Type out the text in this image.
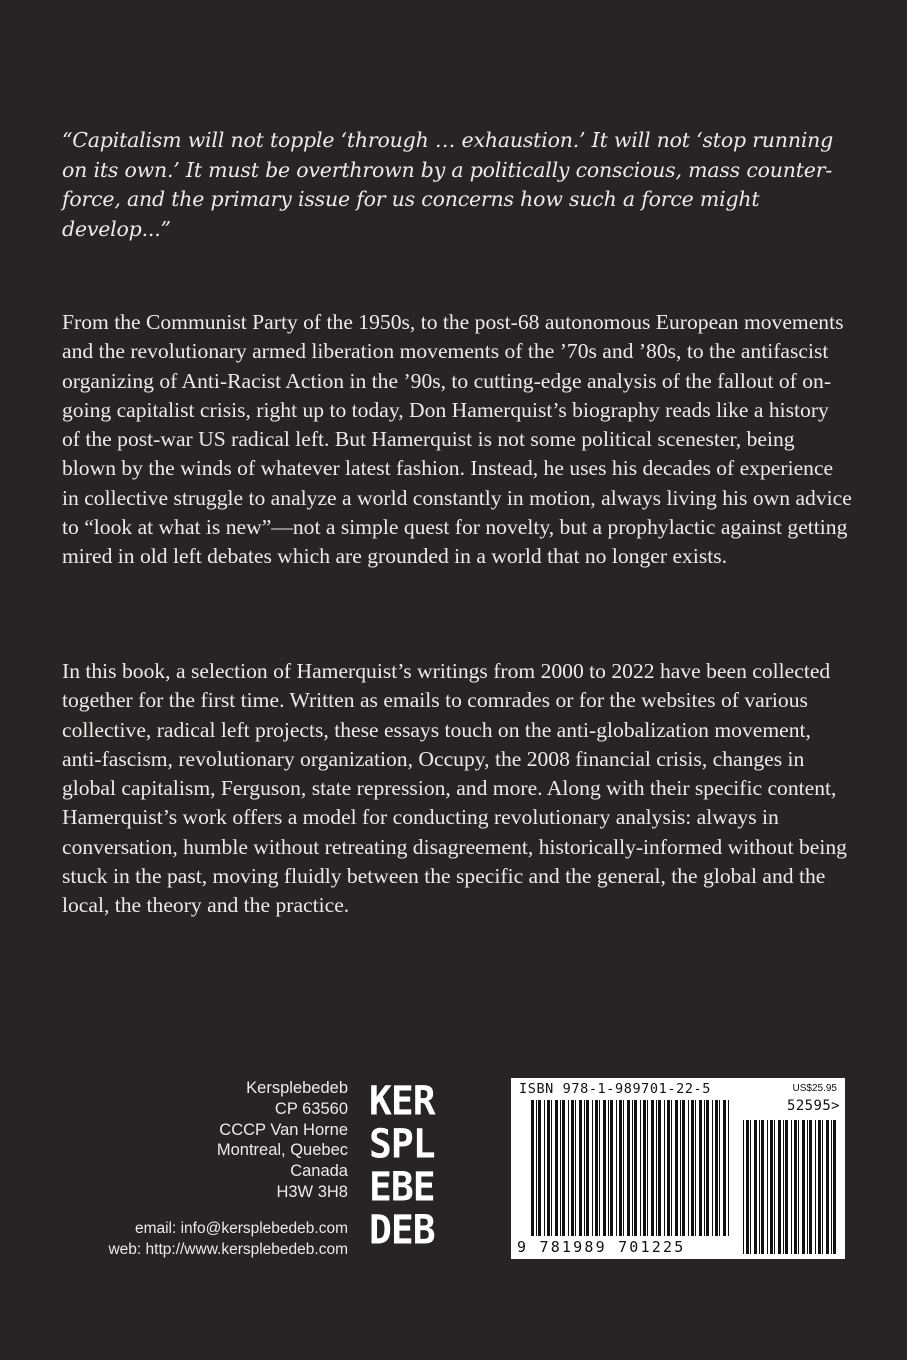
“Capitalism will not topple ‘through … exhaustion.’ It will not ‘stop running on its own.’ It must be overthrown by a politically conscious, mass counter-force, and the primary issue for us concerns how such a force might develop...”

From the Communist Party of the 1950s, to the post-68 autonomous European movements and the revolutionary armed liberation movements of the ’70s and ’80s, to the antifascist organizing of Anti-Racist Action in the ’90s, to cutting-edge analysis of the fallout of on-going capitalist crisis, right up to today, Don Hamerquist’s biography reads like a history of the post-war US radical left. But Hamerquist is not some political scenester, being blown by the winds of whatever latest fashion. Instead, he uses his decades of experience in collective struggle to analyze a world constantly in motion, always living his own advice to “look at what is new”—not a simple quest for novelty, but a prophylactic against getting mired in old left debates which are grounded in a world that no longer exists.

In this book, a selection of Hamerquist’s writings from 2000 to 2022 have been collected together for the first time. Written as emails to comrades or for the websites of various collective, radical left projects, these essays touch on the anti-globalization movement, anti-fascism, revolutionary organization, Occupy, the 2008 financial crisis, changes in global capitalism, Ferguson, state repression, and more. Along with their specific content, Hamerquist’s work offers a model for conducting revolutionary analysis: always in conversation, humble without retreating disagreement, historically-informed without being stuck in the past, moving fluidly between the specific and the general, the global and the local, the theory and the practice.

Kersplebedeb
CP 63560
CCCP Van Horne
Montreal, Quebec
Canada
H3W 3H8
email: info@kersplebedeb.com
web: http://www.kersplebedeb.com
KER
SPL
EBE
DEB
ISBN 978-1-989701-22-5	US$25.95
52595>
9 781989 701225
